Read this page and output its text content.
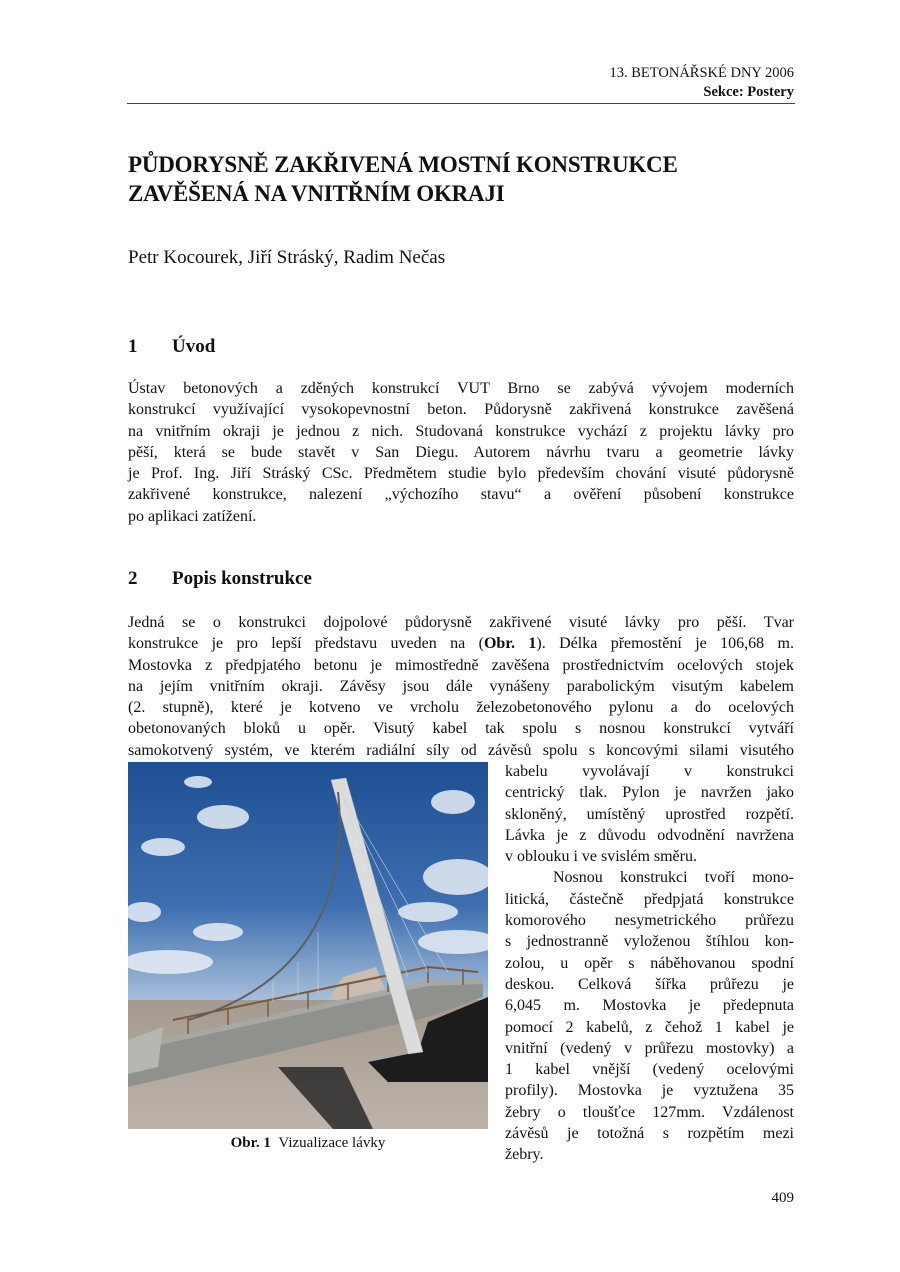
13. BETONÁŘSKÉ DNY 2006
Sekce: Postery
PŮDORYSNĚ ZAKŘIVENÁ MOSTNÍ KONSTRUKCE
ZAVĚŠENÁ NA VNITŘNÍM OKRAJI
Petr Kocourek, Jiří Stráský, Radim Nečas
1 Úvod
Ústav betonových a zděných konstrukcí VUT Brno se zabývá vývojem moderních
konstrukcí využívající vysokopevnostní beton. Půdorysně zakřivená konstrukce zavěšená
na vnitřním okraji je jednou z nich. Studovaná konstrukce vychází z projektu lávky pro
pěší, která se bude stavět v San Diegu. Autorem návrhu tvaru a geometrie lávky
je Prof. Ing. Jiří Stráský CSc. Předmětem studie bylo především chování visuté půdorysně
zakřivené konstrukce, nalezení „výchozího stavu“ a ověření působení konstrukce
po aplikaci zatížení.
2 Popis konstrukce
Jedná se o konstrukci dojpolové půdorysně zakřivené visuté lávky pro pěší. Tvar
konstrukce je pro lepší představu uveden na (Obr. 1). Délka přemostění je 106,68 m.
Mostovka z předpjatého betonu je mimostředně zavěšena prostřednictvím ocelových stojek
na jejím vnitřním okraji. Závěsy jsou dále vynášeny parabolickým visutým kabelem
(2. stupně), které je kotveno ve vrcholu železobetonového pylonu a do ocelových
obetonovaných bloků u opěr. Visutý kabel tak spolu s nosnou konstrukcí vytváří
samokotvený systém, ve kterém radiální síly od závěsů spolu s koncovými silami visutého
Obr. 1 Vizualizace lávky
kabelu vyvolávají v konstrukci
centrický tlak. Pylon je navržen jako
skloněný, umístěný uprostřed rozpětí.
Lávka je z důvodu odvodnění navržena
v oblouku i ve svislém směru.
Nosnou konstrukci tvoří mono-
litická, částečně předpjatá konstrukce
komorového nesymetrického průřezu
s jednostranně vyloženou štíhlou kon-
zolou, u opěr s náběhovanou spodní
deskou. Celková šířka průřezu je
6,045 m. Mostovka je předepnuta
pomocí 2 kabelů, z čehož 1 kabel je
vnitřní (vedený v průřezu mostovky) a
1 kabel vnější (vedený ocelovými
profily). Mostovka je vyztužena 35
žebry o tloušťce 127mm. Vzdálenost
závěsů je totožná s rozpětím mezi
žebry.
409
